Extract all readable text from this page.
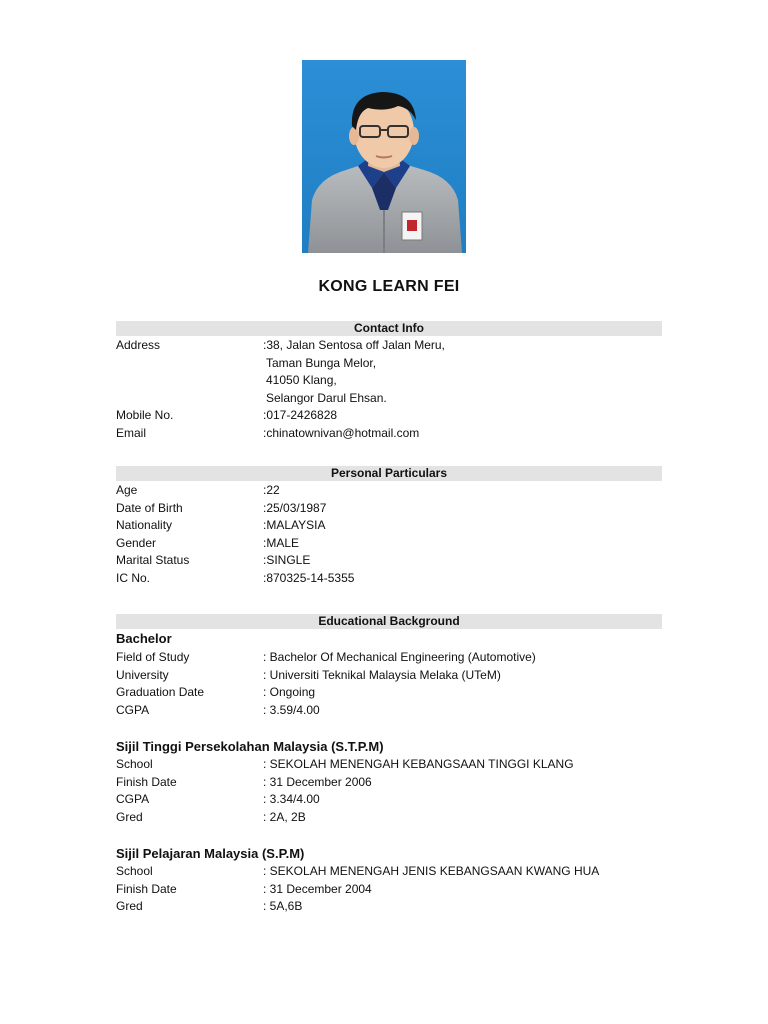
KONG LEARN FEI
Contact Info
Address	:38, Jalan Sentosa off Jalan Meru,
Taman Bunga Melor,
41050 Klang,
Selangor Darul Ehsan.
Mobile No.	:017-2426828
Email	:chinatownivan@hotmail.com
Personal Particulars
Age	:22
Date of Birth	:25/03/1987
Nationality	:MALAYSIA
Gender	:MALE
Marital Status	:SINGLE
IC No.	:870325-14-5355
Educational Background
Bachelor
Field of Study	: Bachelor Of Mechanical Engineering (Automotive)
University	: Universiti Teknikal Malaysia Melaka (UTeM)
Graduation Date	: Ongoing
CGPA	: 3.59/4.00
Sijil Tinggi Persekolahan Malaysia (S.T.P.M)
School	: SEKOLAH MENENGAH KEBANGSAAN TINGGI KLANG
Finish Date	: 31 December 2006
CGPA	: 3.34/4.00
Gred	: 2A, 2B
Sijil Pelajaran Malaysia (S.P.M)
School	: SEKOLAH MENENGAH JENIS KEBANGSAAN KWANG HUA
Finish Date	: 31 December 2004
Gred	: 5A,6B
